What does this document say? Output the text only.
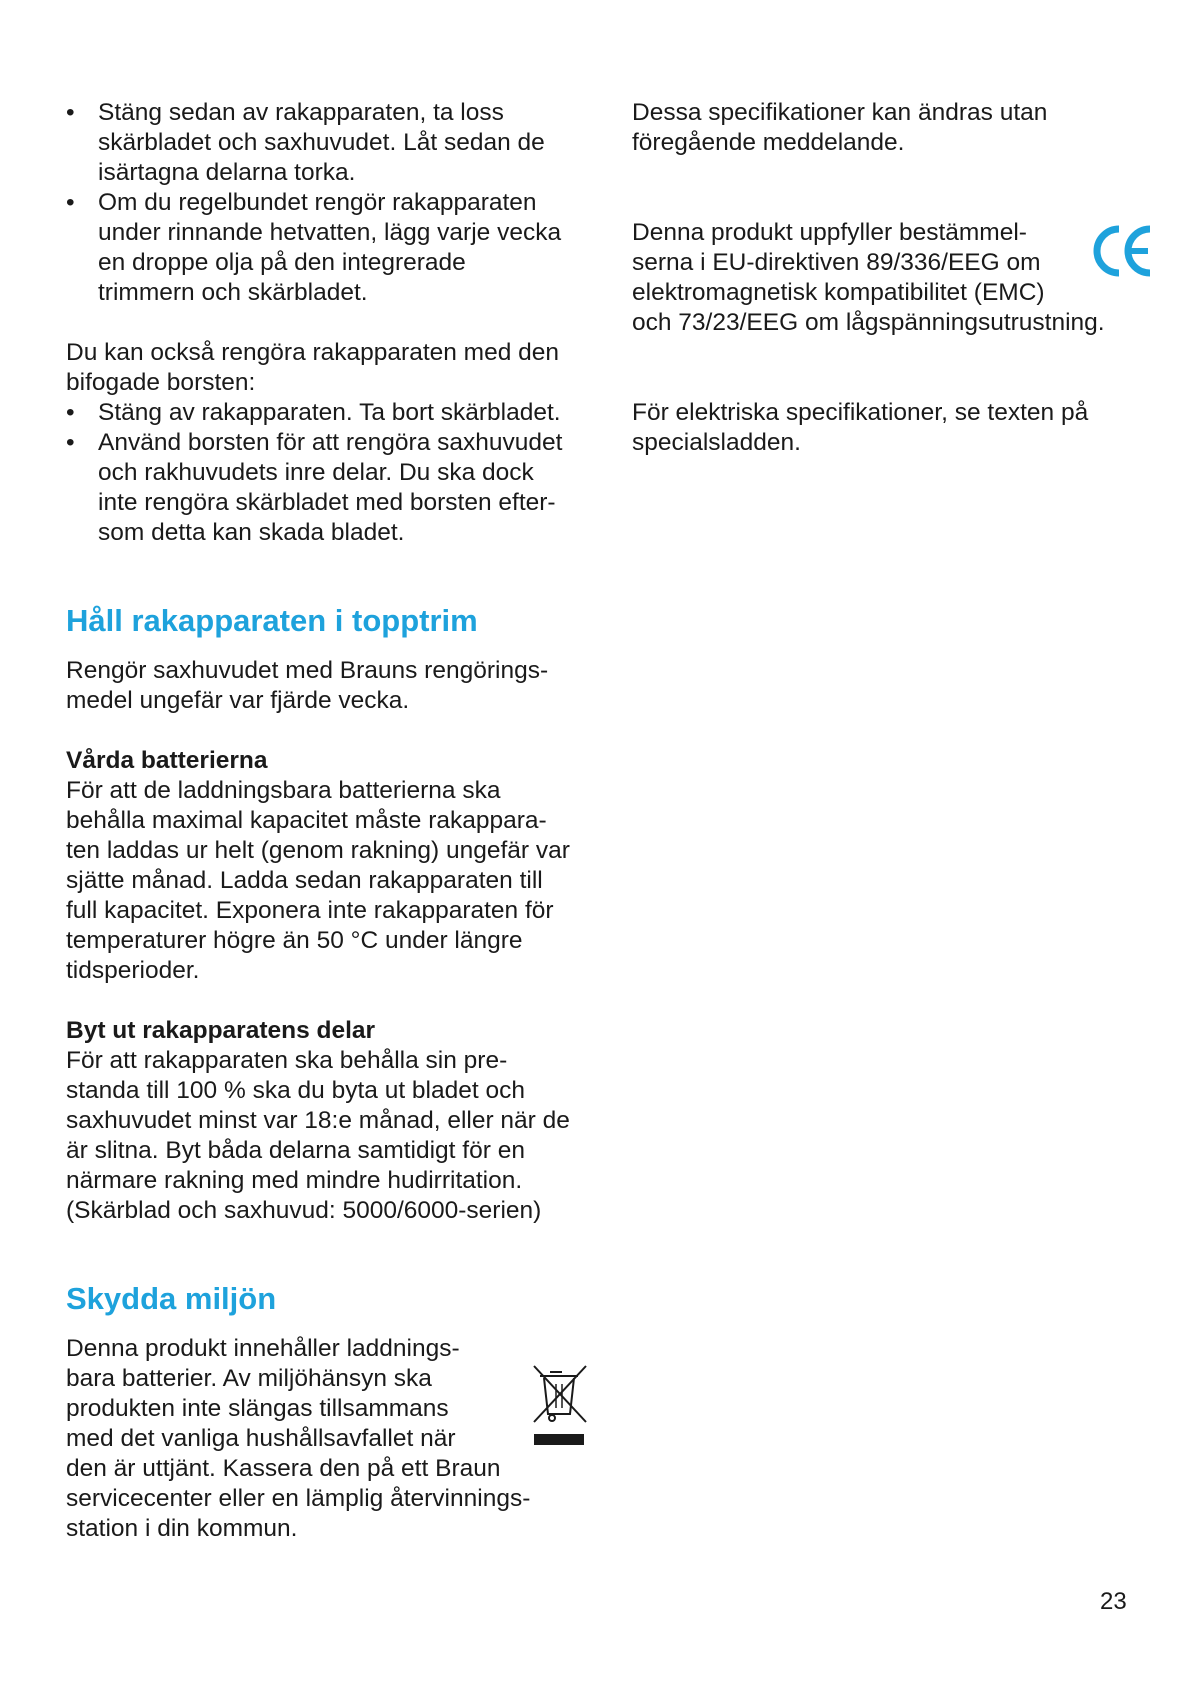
• Stäng sedan av rakapparaten, ta loss
skärbladet och saxhuvudet. Låt sedan de
isärtagna delarna torka.
• Om du regelbundet rengör rakapparaten
under rinnande hetvatten, lägg varje vecka
en droppe olja på den integrerade
trimmern och skärbladet.

Du kan också rengöra rakapparaten med den
bifogade borsten:

• Stäng av rakapparaten. Ta bort skärbladet.
• Använd borsten för att rengöra saxhuvudet
och rakhuvudets inre delar. Du ska dock
inte rengöra skärbladet med borsten efter-
som detta kan skada bladet.
Håll rakapparaten i topptrim

Rengör saxhuvudet med Brauns rengörings-
medel ungefär var fjärde vecka.

Vårda batterierna

För att de laddningsbara batterierna ska
behålla maximal kapacitet måste rakappara-
ten laddas ur helt (genom rakning) ungefär var
sjätte månad. Ladda sedan rakapparaten till
full kapacitet. Exponera inte rakapparaten för
temperaturer högre än 50 °C under längre
tidsperioder.

Byt ut rakapparatens delar

För att rakapparaten ska behålla sin pre-
standa till 100 % ska du byta ut bladet och
saxhuvudet minst var 18:e månad, eller när de
är slitna. Byt båda delarna samtidigt för en
närmare rakning med mindre hudirritation.
(Skärblad och saxhuvud: 5000/6000-serien)

Skydda miljön

Denna produkt innehåller laddnings-
bara batterier. Av miljöhänsyn ska
produkten inte slängas tillsammans
med det vanliga hushållsavfallet när
den är uttjänt. Kassera den på ett Braun
servicecenter eller en lämplig återvinnings-
station i din kommun.

Dessa specifikationer kan ändras utan
föregående meddelande.

Denna produkt uppfyller bestämmel-
serna i EU-direktiven 89/336/EEG om
elektromagnetisk kompatibilitet (EMC)
och 73/23/EEG om lågspänningsutrustning.

För elektriska specifikationer, se texten på
specialsladden.

23
